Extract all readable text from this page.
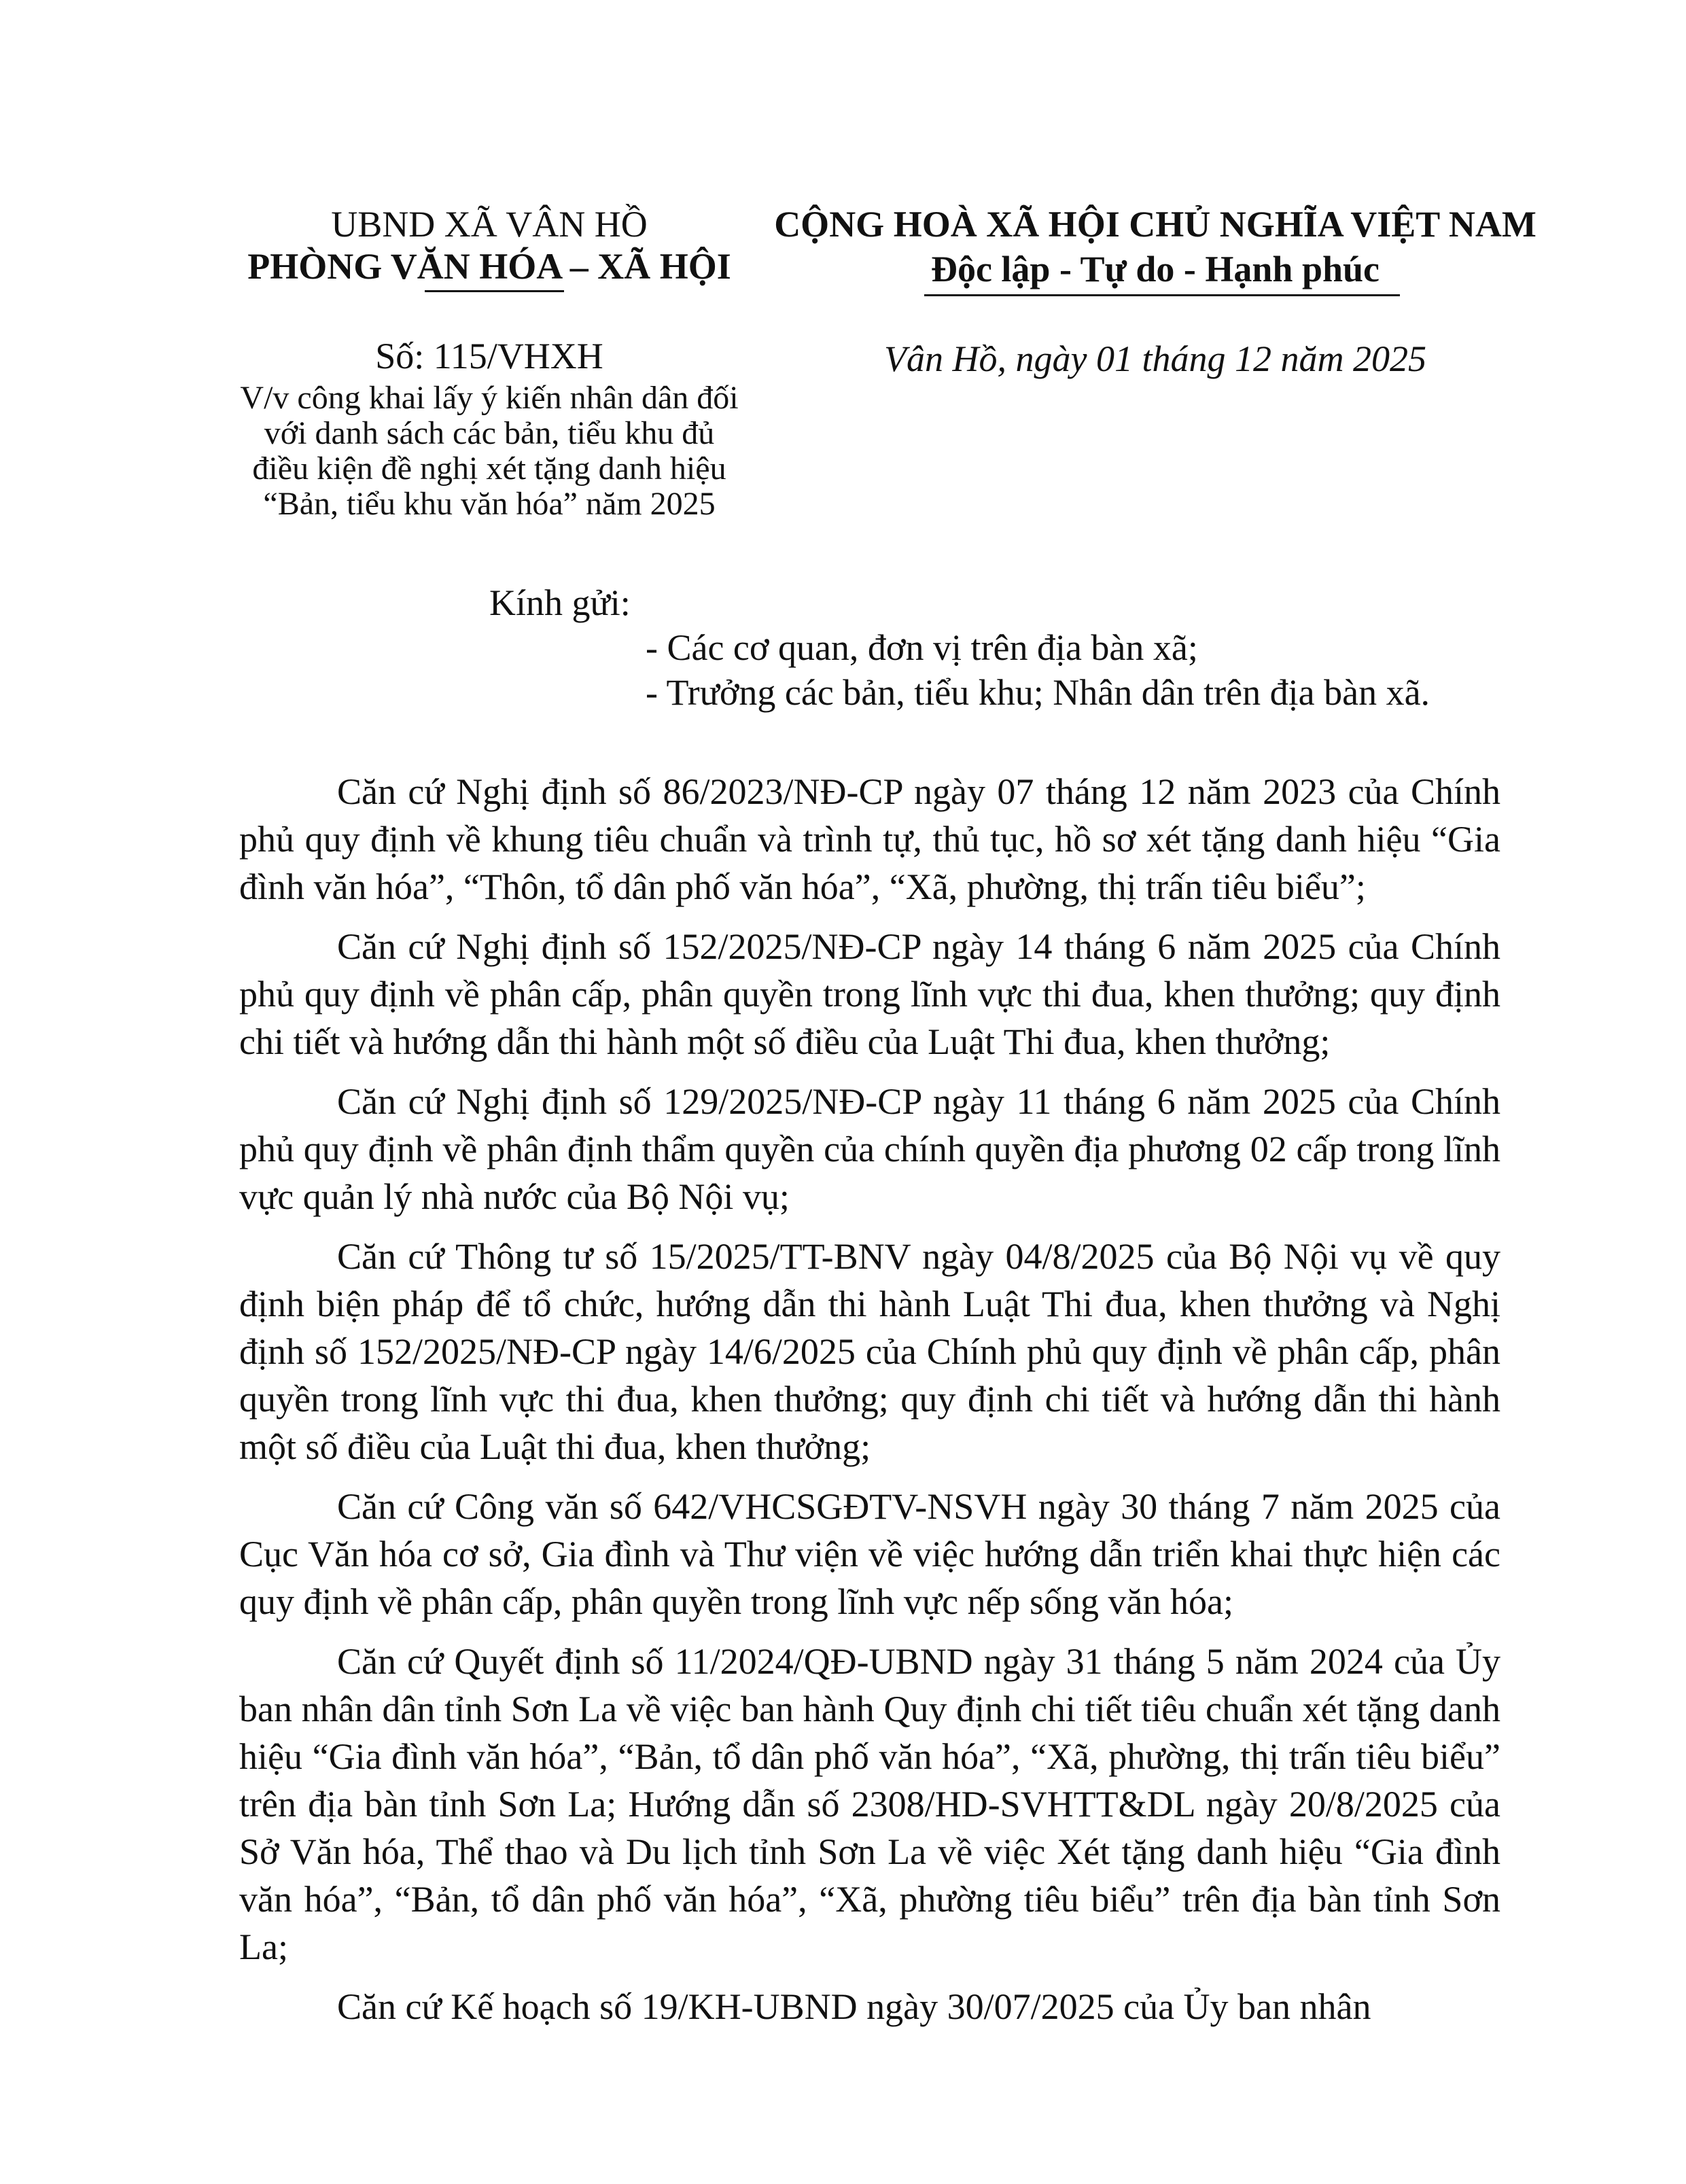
UBND XÃ VÂN HỒ
PHÒNG VĂN HÓA – XÃ HỘI
Số: 115/VHXH
V/v công khai lấy ý kiến nhân dân đối
với danh sách các bản, tiểu khu đủ
điều kiện đề nghị xét tặng danh hiệu
“Bản, tiểu khu văn hóa” năm 2025
CỘNG HOÀ XÃ HỘI CHỦ NGHĨA VIỆT NAM
Độc lập - Tự do - Hạnh phúc
Vân Hồ, ngày 01 tháng 12 năm 2025
Kính gửi:
- Các cơ quan, đơn vị trên địa bàn xã;
- Trưởng các bản, tiểu khu; Nhân dân trên địa bàn xã.

Căn cứ Nghị định số 86/2023/NĐ-CP ngày 07 tháng 12 năm 2023 của Chính phủ quy định về khung tiêu chuẩn và trình tự, thủ tục, hồ sơ xét tặng danh hiệu “Gia đình văn hóa”, “Thôn, tổ dân phố văn hóa”, “Xã, phường, thị trấn tiêu biểu”;

Căn cứ Nghị định số 152/2025/NĐ-CP ngày 14 tháng 6 năm 2025 của Chính phủ quy định về phân cấp, phân quyền trong lĩnh vực thi đua, khen thưởng; quy định chi tiết và hướng dẫn thi hành một số điều của Luật Thi đua, khen thưởng;

Căn cứ Nghị định số 129/2025/NĐ-CP ngày 11 tháng 6 năm 2025 của Chính phủ quy định về phân định thẩm quyền của chính quyền địa phương 02 cấp trong lĩnh vực quản lý nhà nước của Bộ Nội vụ;

Căn cứ Thông tư số 15/2025/TT-BNV ngày 04/8/2025 của Bộ Nội vụ về quy định biện pháp để tổ chức, hướng dẫn thi hành Luật Thi đua, khen thưởng và Nghị định số 152/2025/NĐ-CP ngày 14/6/2025 của Chính phủ quy định về phân cấp, phân quyền trong lĩnh vực thi đua, khen thưởng; quy định chi tiết và hướng dẫn thi hành một số điều của Luật thi đua, khen thưởng;

Căn cứ Công văn số 642/VHCSGĐTV-NSVH ngày 30 tháng 7 năm 2025 của Cục Văn hóa cơ sở, Gia đình và Thư viện về việc hướng dẫn triển khai thực hiện các quy định về phân cấp, phân quyền trong lĩnh vực nếp sống văn hóa;

Căn cứ Quyết định số 11/2024/QĐ-UBND ngày 31 tháng 5 năm 2024 của Ủy ban nhân dân tỉnh Sơn La về việc ban hành Quy định chi tiết tiêu chuẩn xét tặng danh hiệu “Gia đình văn hóa”, “Bản, tổ dân phố văn hóa”, “Xã, phường, thị trấn tiêu biểu” trên địa bàn tỉnh Sơn La; Hướng dẫn số 2308/HD-SVHTT&DL ngày 20/8/2025 của Sở Văn hóa, Thể thao và Du lịch tỉnh Sơn La về việc Xét tặng danh hiệu “Gia đình văn hóa”, “Bản, tổ dân phố văn hóa”, “Xã, phường tiêu biểu” trên địa bàn tỉnh Sơn La;

Căn cứ Kế hoạch số 19/KH-UBND ngày 30/07/2025 của Ủy ban nhân
